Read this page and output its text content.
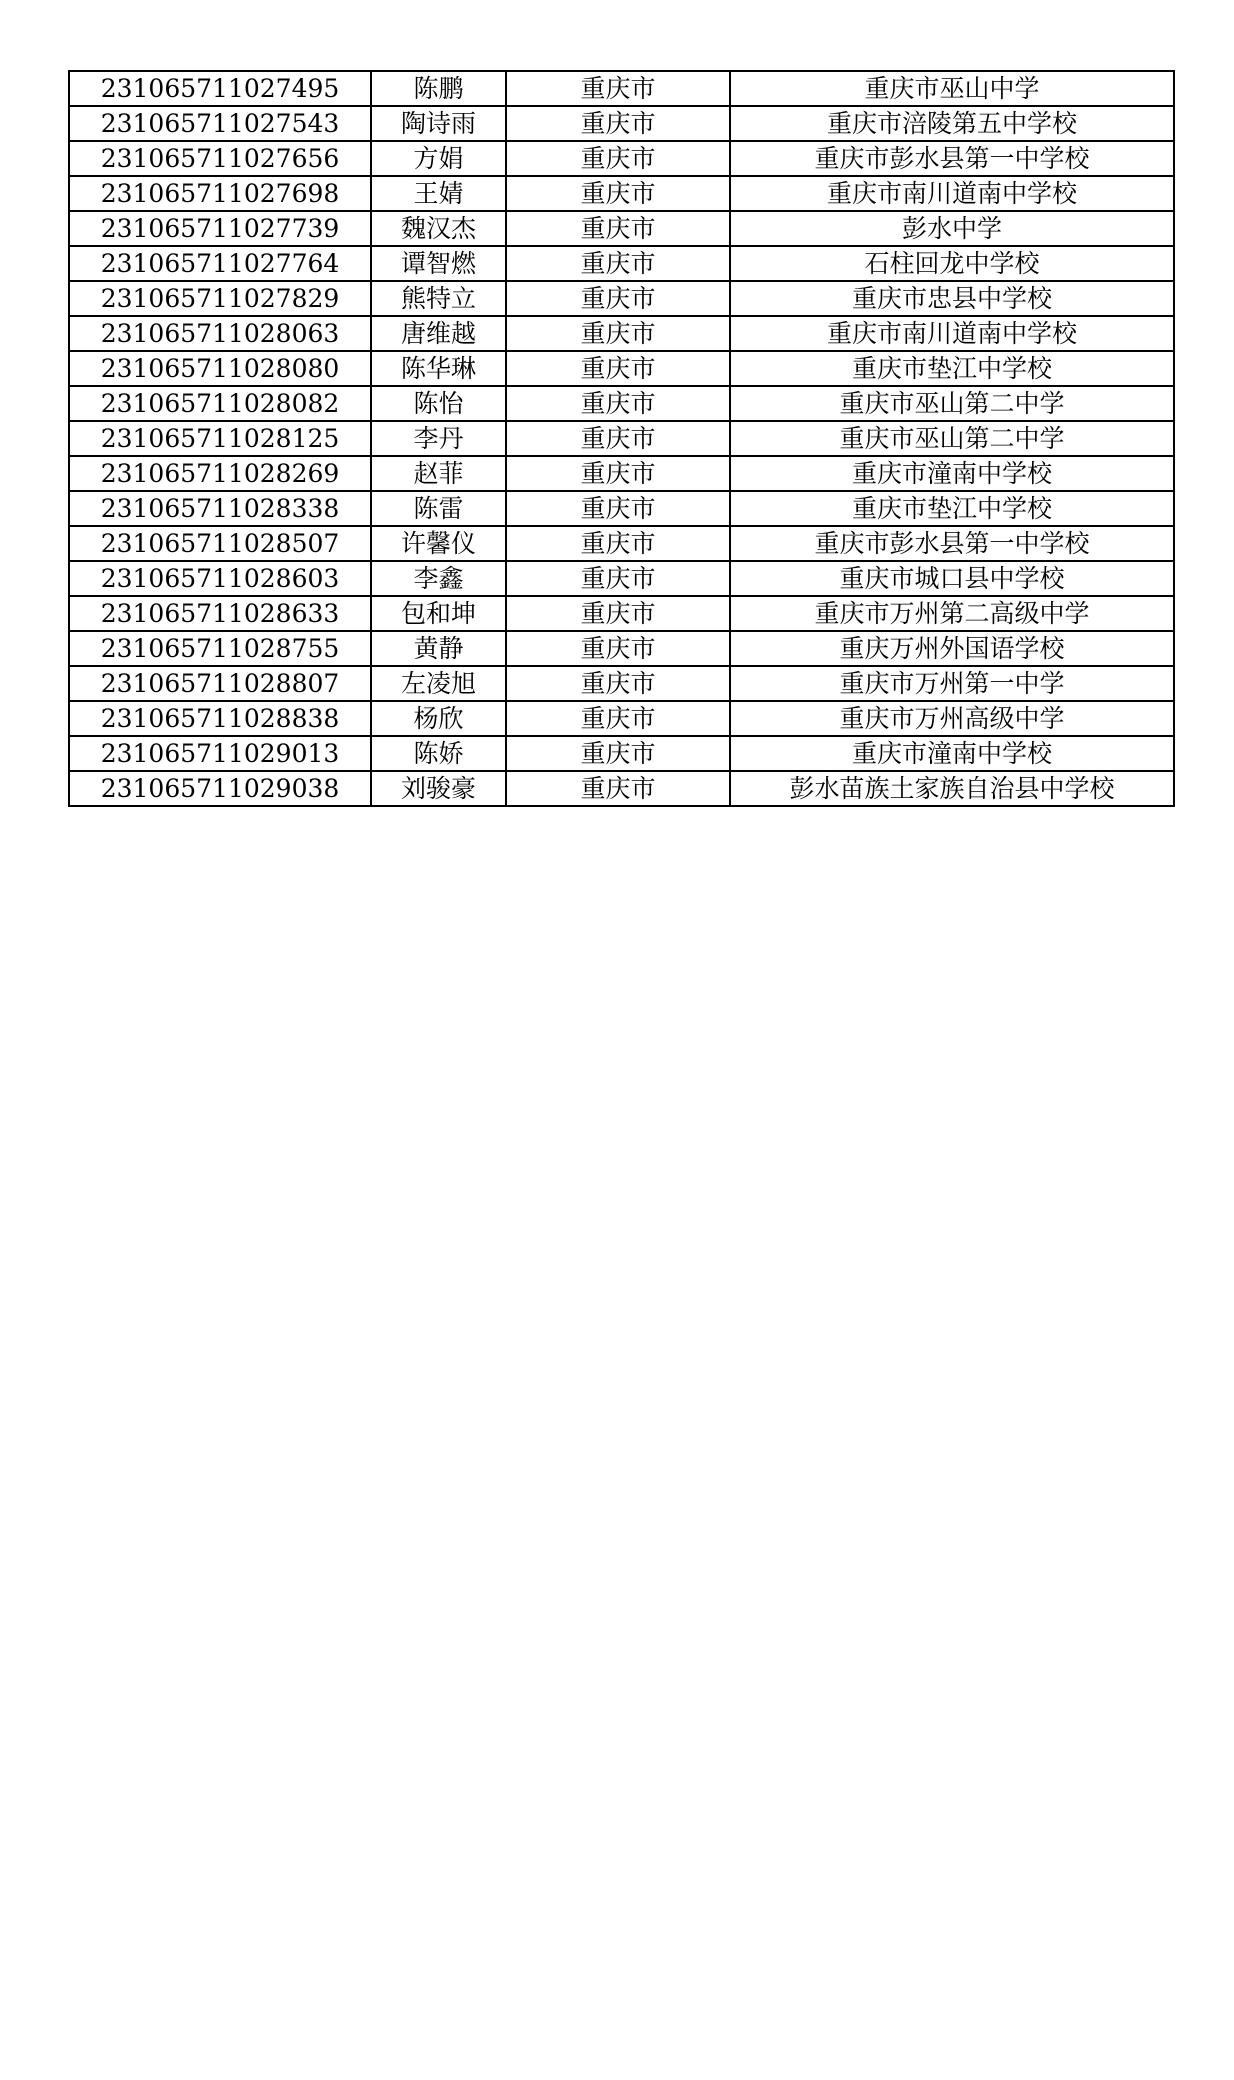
231065711027495	陈鹏	重庆市	重庆市巫山中学
231065711027543	陶诗雨	重庆市	重庆市涪陵第五中学校
231065711027656	方娟	重庆市	重庆市彭水县第一中学校
231065711027698	王婧	重庆市	重庆市南川道南中学校
231065711027739	魏汉杰	重庆市	彭水中学
231065711027764	谭智燃	重庆市	石柱回龙中学校
231065711027829	熊特立	重庆市	重庆市忠县中学校
231065711028063	唐维越	重庆市	重庆市南川道南中学校
231065711028080	陈华琳	重庆市	重庆市垫江中学校
231065711028082	陈怡	重庆市	重庆市巫山第二中学
231065711028125	李丹	重庆市	重庆市巫山第二中学
231065711028269	赵菲	重庆市	重庆市潼南中学校
231065711028338	陈雷	重庆市	重庆市垫江中学校
231065711028507	许馨仪	重庆市	重庆市彭水县第一中学校
231065711028603	李鑫	重庆市	重庆市城口县中学校
231065711028633	包和坤	重庆市	重庆市万州第二高级中学
231065711028755	黄静	重庆市	重庆万州外国语学校
231065711028807	左凌旭	重庆市	重庆市万州第一中学
231065711028838	杨欣	重庆市	重庆市万州高级中学
231065711029013	陈娇	重庆市	重庆市潼南中学校
231065711029038	刘骏豪	重庆市	彭水苗族土家族自治县中学校
